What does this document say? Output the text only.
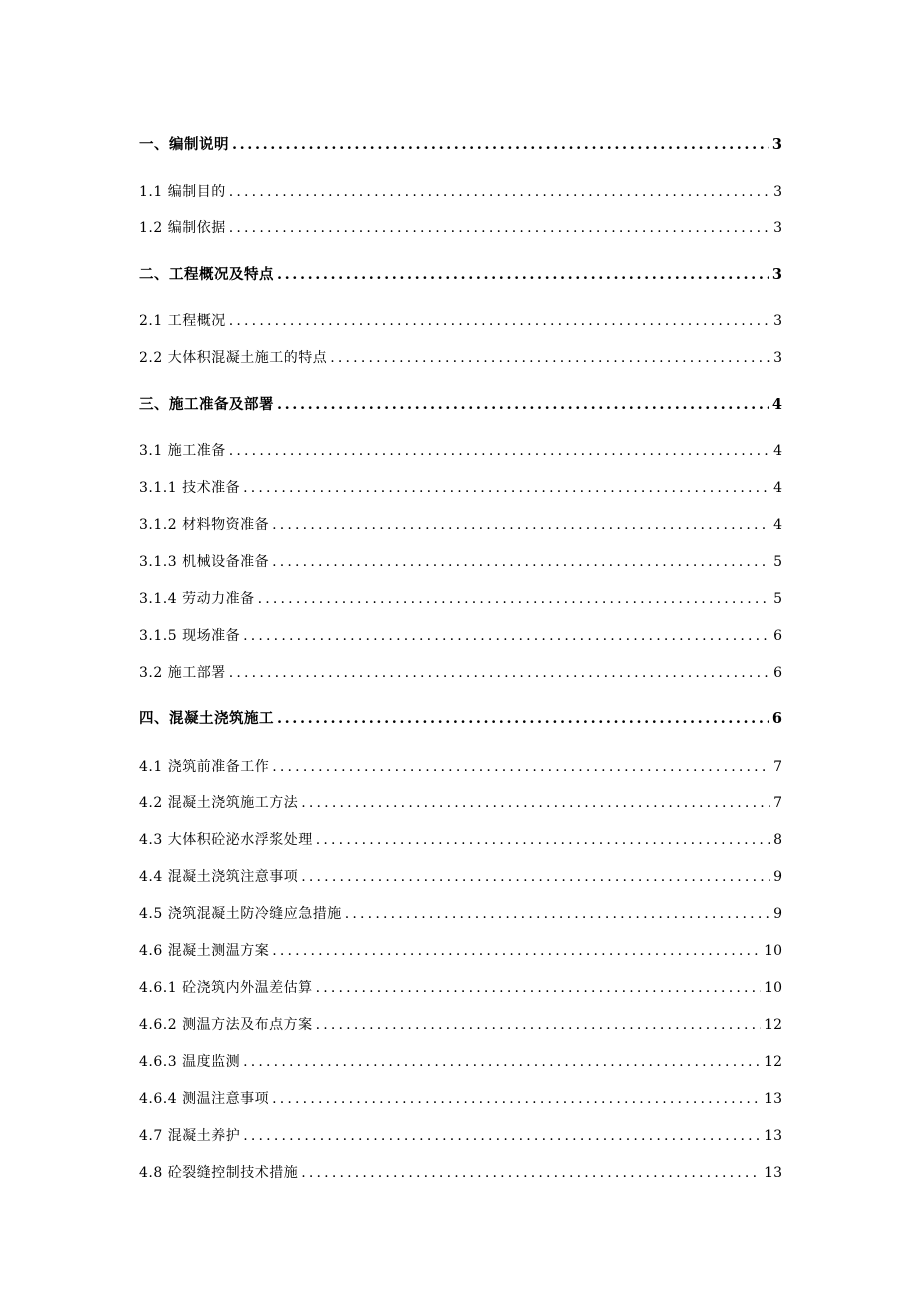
一、编制说明 .....	3
1.1 编制目的 .....	3
1.2 编制依据 .....	3
二、工程概况及特点 .....	3
2.1 工程概况 .....	3
2.2 大体积混凝土施工的特点 .....	3
三、施工准备及部署 .....	4
3.1 施工准备 .....	4
3.1.1 技术准备 .....	4
3.1.2 材料物资准备 .....	4
3.1.3 机械设备准备 .....	5
3.1.4 劳动力准备 .....	5
3.1.5 现场准备 .....	6
3.2 施工部署 .....	6
四、混凝土浇筑施工 .....	6
4.1 浇筑前准备工作 .....	7
4.2 混凝土浇筑施工方法 .....	7
4.3 大体积砼泌水浮浆处理 .....	8
4.4 混凝土浇筑注意事项 .....	9
4.5 浇筑混凝土防冷缝应急措施 .....	9
4.6 混凝土测温方案 .....	10
4.6.1 砼浇筑内外温差估算 .....	10
4.6.2 测温方法及布点方案 .....	12
4.6.3 温度监测 .....	12
4.6.4 测温注意事项 .....	13
4.7 混凝土养护 .....	13
4.8 砼裂缝控制技术措施 .....	13
